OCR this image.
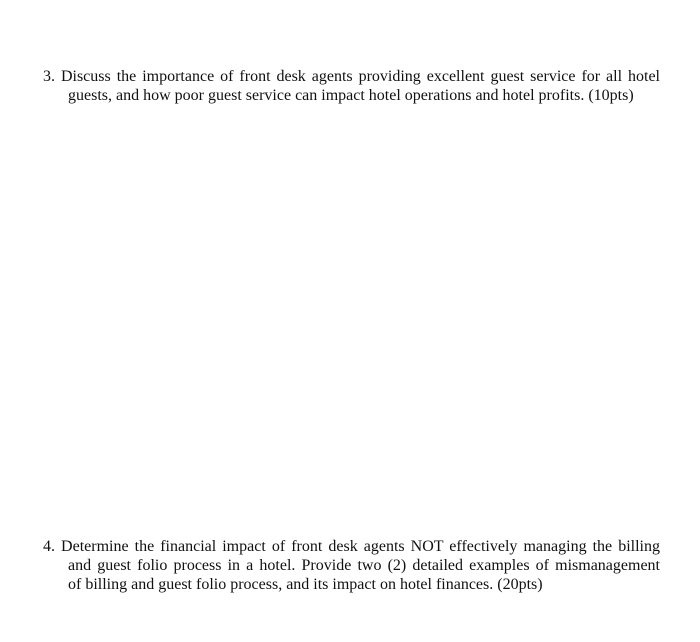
3. Discuss the importance of front desk agents providing excellent guest service for all hotel
guests, and how poor guest service can impact hotel operations and hotel profits. (10pts)
4. Determine the financial impact of front desk agents NOT effectively managing the billing
and guest folio process in a hotel. Provide two (2) detailed examples of mismanagement
of billing and guest folio process, and its impact on hotel finances. (20pts)
